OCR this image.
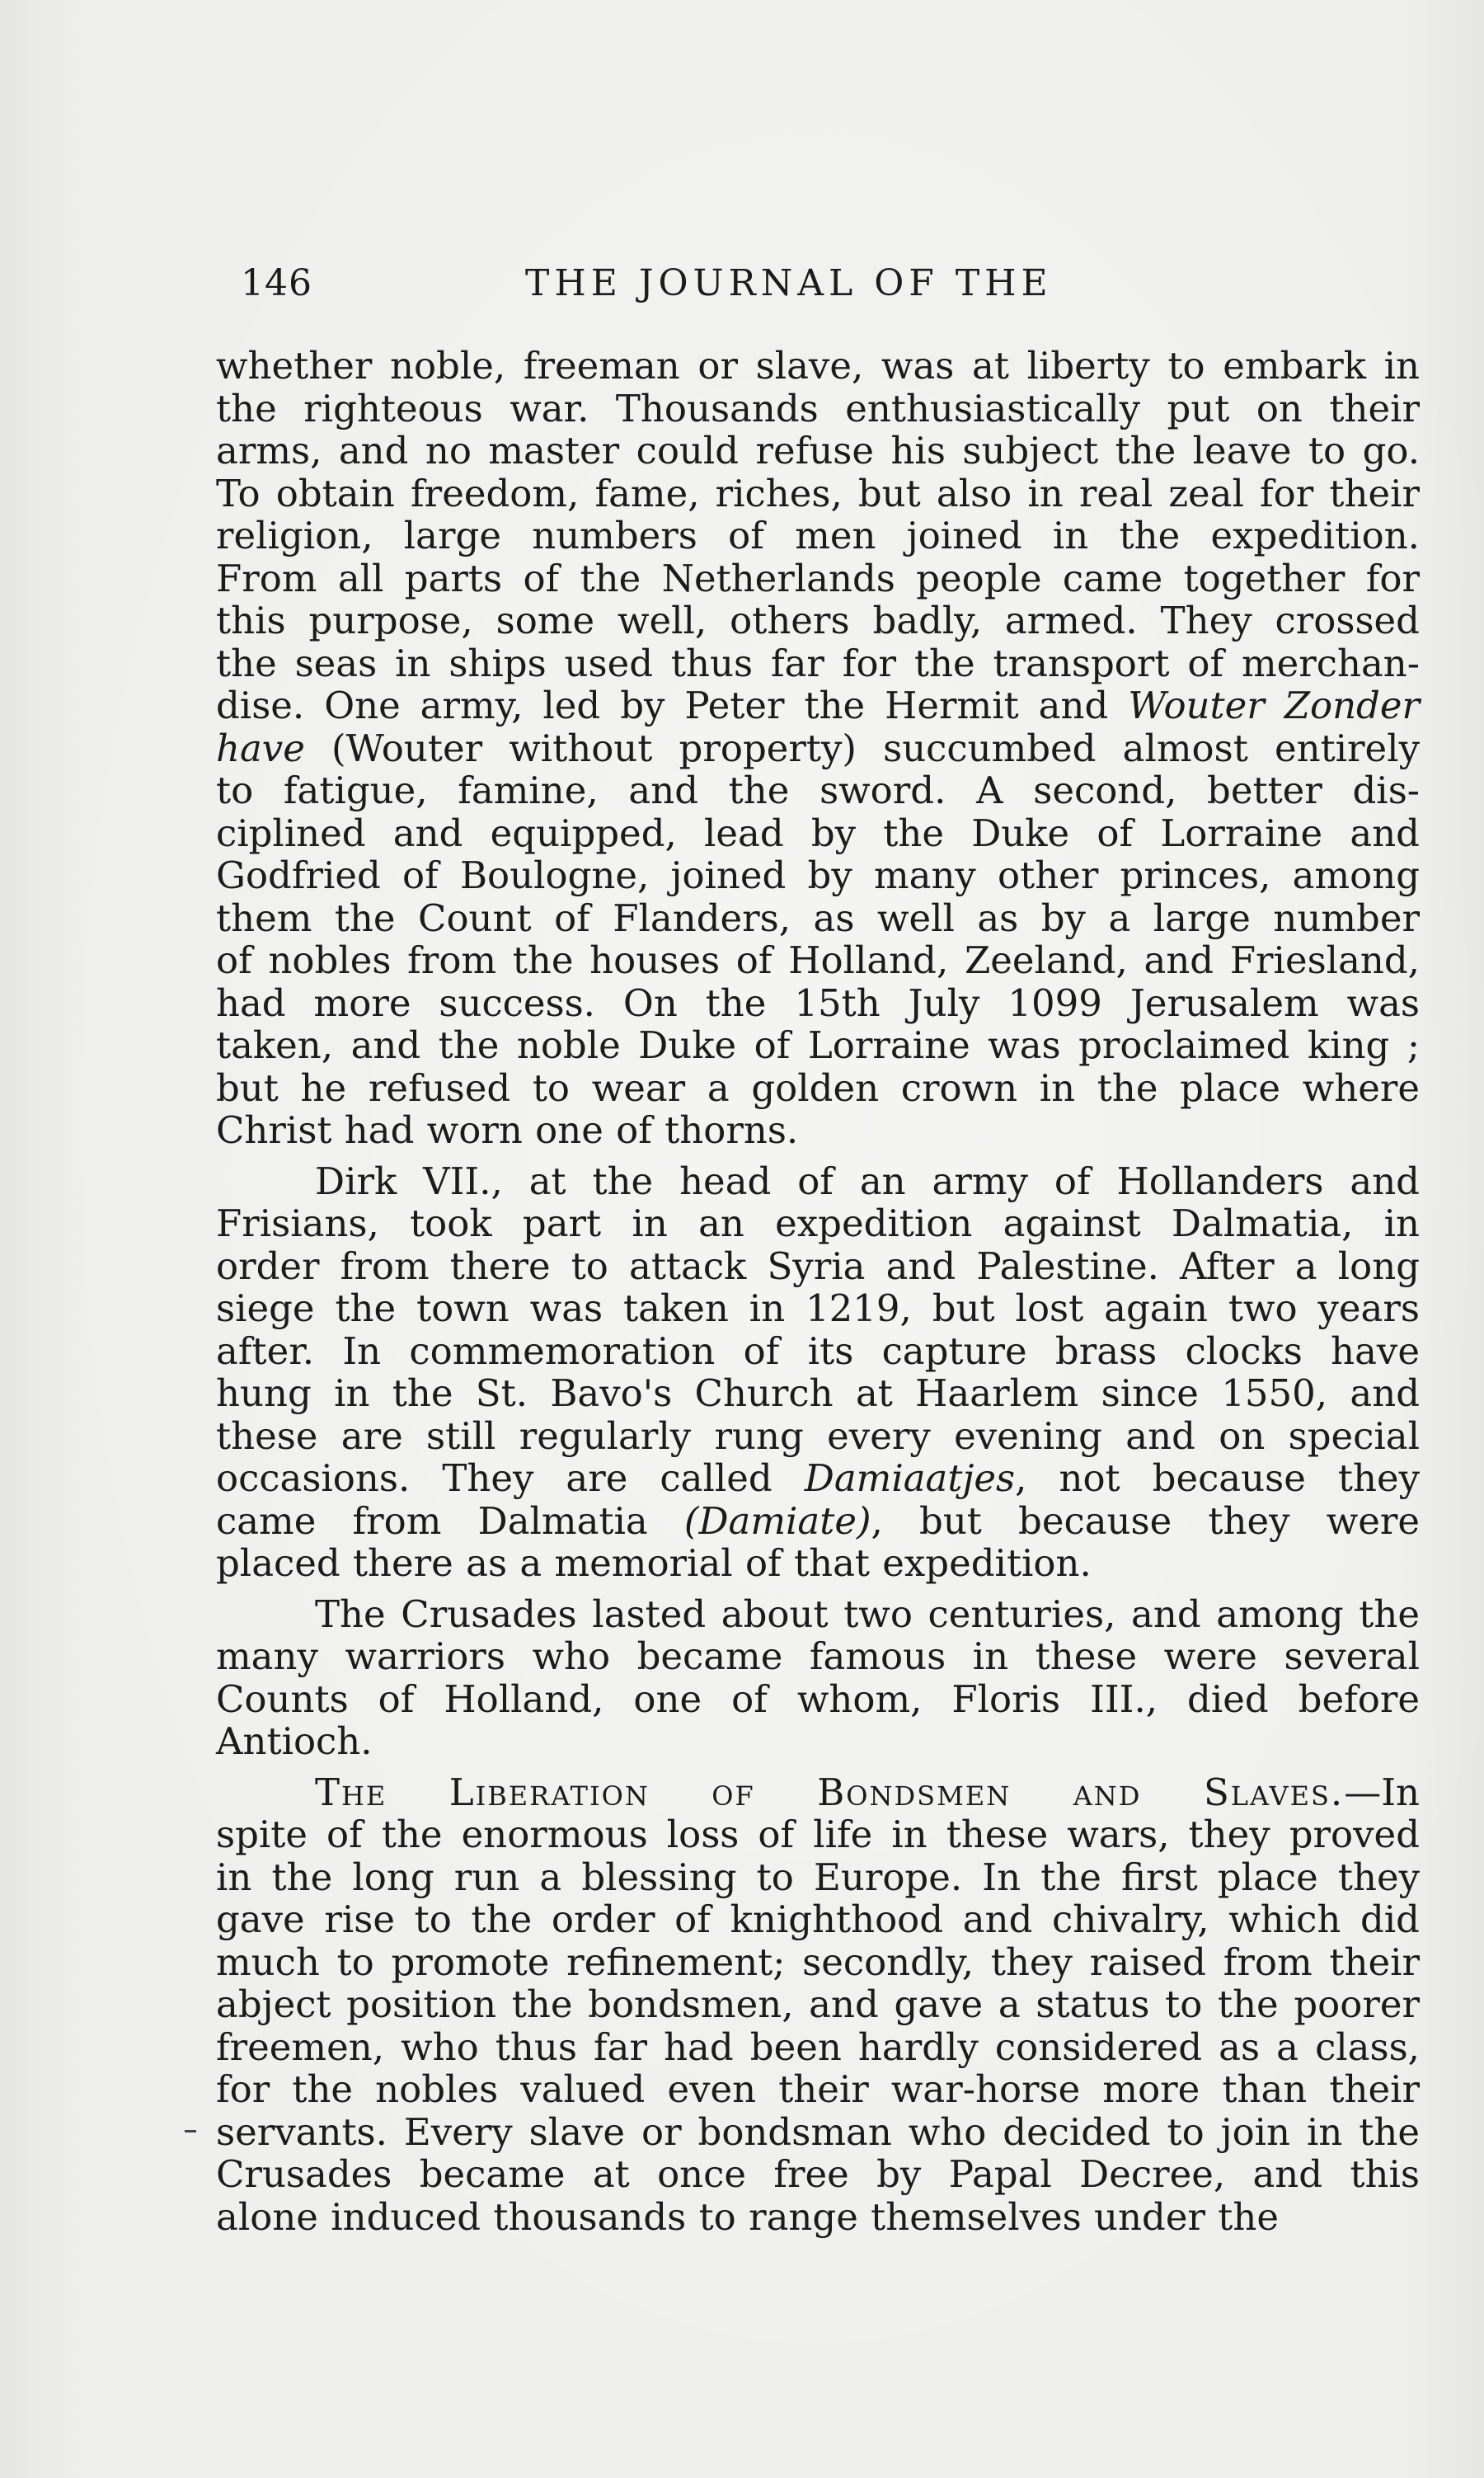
146	THE JOURNAL OF THE
whether noble, freeman or slave, was at liberty to embark in
the righteous war. Thousands enthusiastically put on their
arms, and no master could refuse his subject the leave to go.
To obtain freedom, fame, riches, but also in real zeal for their
religion, large numbers of men joined in the expedition.
From all parts of the Netherlands people came together for
this purpose, some well, others badly, armed. They crossed
the seas in ships used thus far for the transport of merchan-
dise. One army, led by Peter the Hermit and Wouter Zonder
have (Wouter without property) succumbed almost entirely
to fatigue, famine, and the sword. A second, better dis-
ciplined and equipped, lead by the Duke of Lorraine and
Godfried of Boulogne, joined by many other princes, among
them the Count of Flanders, as well as by a large number
of nobles from the houses of Holland, Zeeland, and Friesland,
had more success. On the 15th July 1099 Jerusalem was
taken, and the noble Duke of Lorraine was proclaimed king ;
but he refused to wear a golden crown in the place where
Christ had worn one of thorns.
Dirk VII., at the head of an army of Hollanders and
Frisians, took part in an expedition against Dalmatia, in
order from there to attack Syria and Palestine. After a long
siege the town was taken in 1219, but lost again two years
after. In commemoration of its capture brass clocks have
hung in the St. Bavo's Church at Haarlem since 1550, and
these are still regularly rung every evening and on special
occasions. They are called Damiaatjes, not because they
came from Dalmatia (Damiate), but because they were
placed there as a memorial of that expedition.
The Crusades lasted about two centuries, and among the
many warriors who became famous in these were several
Counts of Holland, one of whom, Floris III., died before
Antioch.
The Liberation of Bondsmen and Slaves.—In
spite of the enormous loss of life in these wars, they proved
in the long run a blessing to Europe. In the first place they
gave rise to the order of knighthood and chivalry, which did
much to promote refinement; secondly, they raised from their
abject position the bondsmen, and gave a status to the poorer
freemen, who thus far had been hardly considered as a class,
for the nobles valued even their war-horse more than their
servants. Every slave or bondsman who decided to join in the
Crusades became at once free by Papal Decree, and this
alone induced thousands to range themselves under the
